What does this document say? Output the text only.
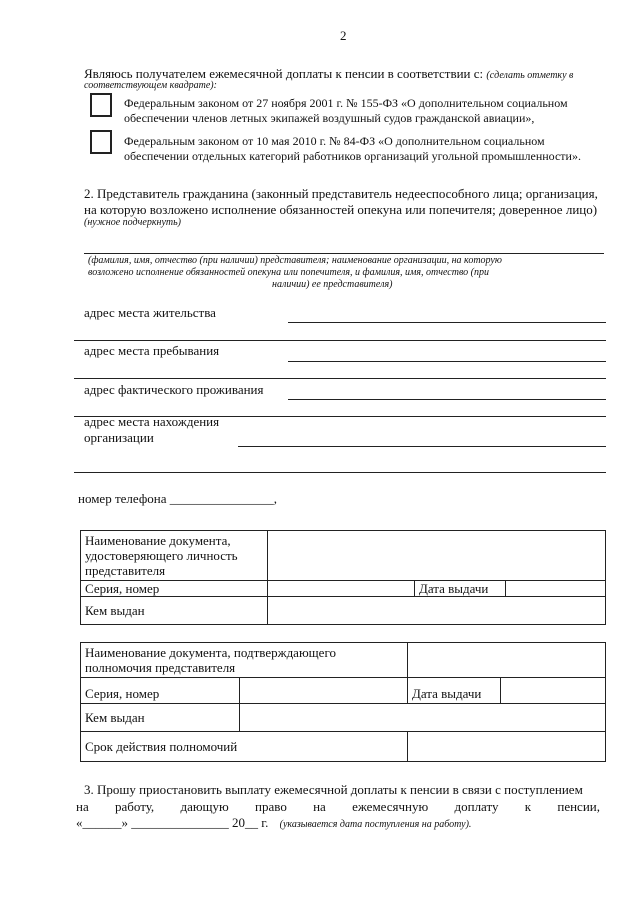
2
Являюсь получателем ежемесячной доплаты к пенсии в соответствии с: (сделать отметку в
соответствующем квадрате):
Федеральным законом от 27 ноября 2001 г. № 155-ФЗ «О дополнительном социальном
обеспечении членов летных экипажей воздушный судов гражданской авиации»,
Федеральным законом от 10 мая 2010 г. № 84-ФЗ «О дополнительном социальном
обеспечении отдельных категорий работников организаций угольной промышленности».
2. Представитель гражданина (законный представитель недееспособного лица; организация,
на которую возложено исполнение обязанностей опекуна или попечителя; доверенное лицо)
(нужное подчеркнуть)
(фамилия, имя, отчество (при наличии) представителя; наименование организации, на которую
возложено исполнение обязанностей опекуна или попечителя, и фамилия, имя, отчество (при
наличии) ее представителя)
адрес места жительства
адрес места пребывания
адрес фактического проживания
адрес места нахождения
организации
номер телефона ________________,
Наименование документа, удостоверяющего личность представителя			
Серия, номер		Дата выдачи	
Кем выдан			
Наименование документа, подтверждающего полномочия представителя			
Серия, номер		Дата выдачи	
Кем выдан			
Срок действия полномочий			
3. Прошу приостановить выплату ежемесячной доплаты к пенсии в связи с поступлением
на работу, дающую право на ежемесячную доплату к пенсии,
«______» _______________ 20__ г. (указывается дата поступления на работу).
